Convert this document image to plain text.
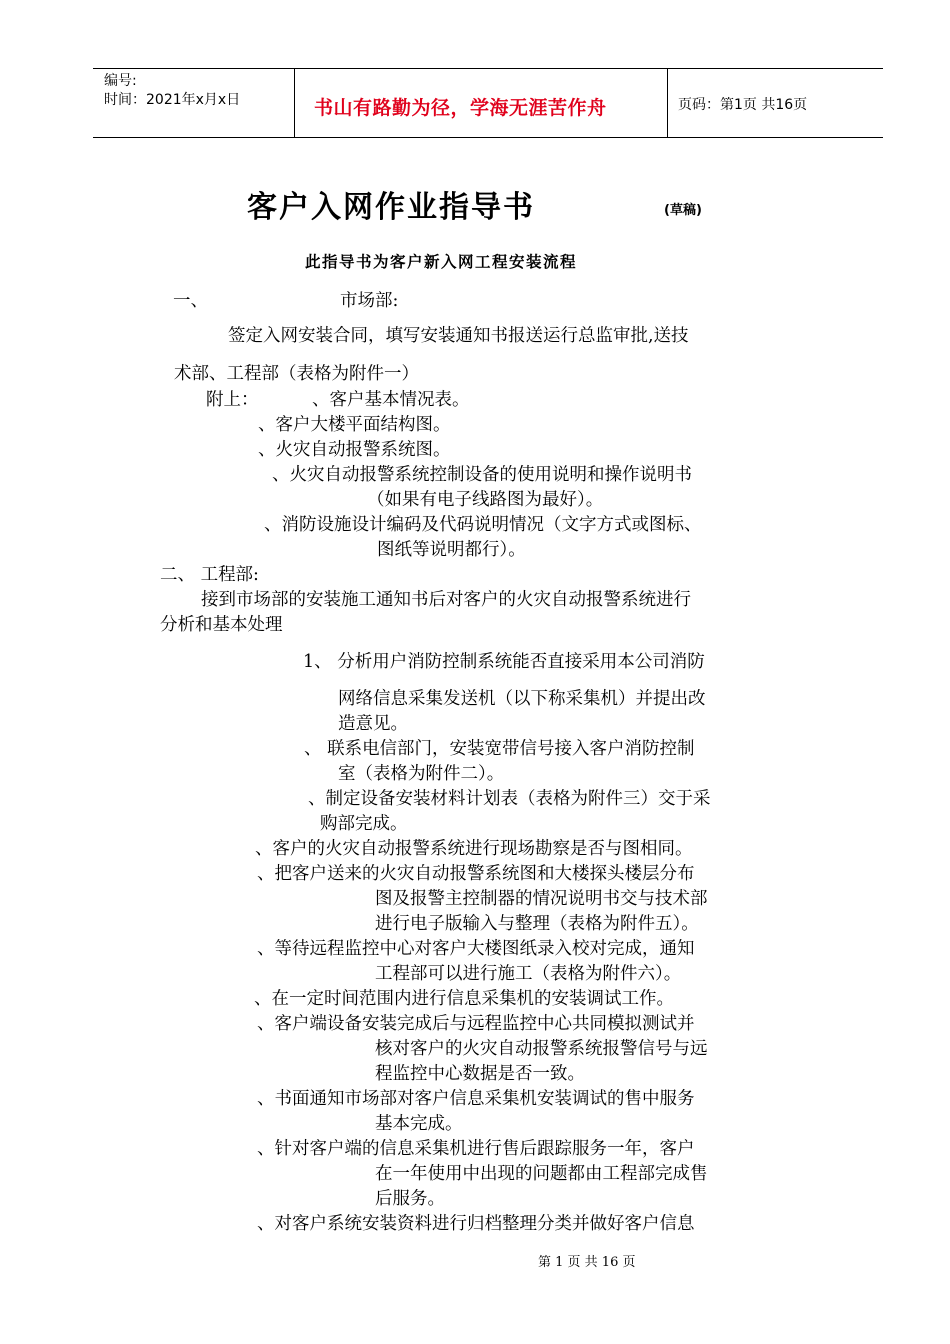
编号:
时间：2021年x月x日	书山有路勤为径，学海无涯苦作舟	页码：第1页 共16页
客户入网作业指导书	(草稿)
此指导书为客户新入网工程安装流程
一、	市场部:
签定入网安装合同，填写安装通知书报送运行总监审批,送技
术部、工程部（表格为附件一）
附上：	、客户基本情况表。
、客户大楼平面结构图。
、火灾自动报警系统图。
、火灾自动报警系统控制设备的使用说明和操作说明书
（如果有电子线路图为最好）。
、消防设施设计编码及代码说明情况（文字方式或图标、
图纸等说明都行）。
二、 工程部:
接到市场部的安装施工通知书后对客户的火灾自动报警系统进行
分析和基本处理
1、 分析用户消防控制系统能否直接采用本公司消防
网络信息采集发送机（以下称采集机）并提出改
造意见。
、 联系电信部门，安装宽带信号接入客户消防控制
室（表格为附件二）。
、制定设备安装材料计划表（表格为附件三）交于采
购部完成。
、客户的火灾自动报警系统进行现场勘察是否与图相同。
、把客户送来的火灾自动报警系统图和大楼探头楼层分布
图及报警主控制器的情况说明书交与技术部
进行电子版输入与整理（表格为附件五）。
、等待远程监控中心对客户大楼图纸录入校对完成，通知
工程部可以进行施工（表格为附件六）。
、在一定时间范围内进行信息采集机的安装调试工作。
、客户端设备安装完成后与远程监控中心共同模拟测试并
核对客户的火灾自动报警系统报警信号与远
程监控中心数据是否一致。
、书面通知市场部对客户信息采集机安装调试的售中服务
基本完成。
、针对客户端的信息采集机进行售后跟踪服务一年，客户
在一年使用中出现的问题都由工程部完成售
后服务。
、对客户系统安装资料进行归档整理分类并做好客户信息
第 1 页 共 16 页
